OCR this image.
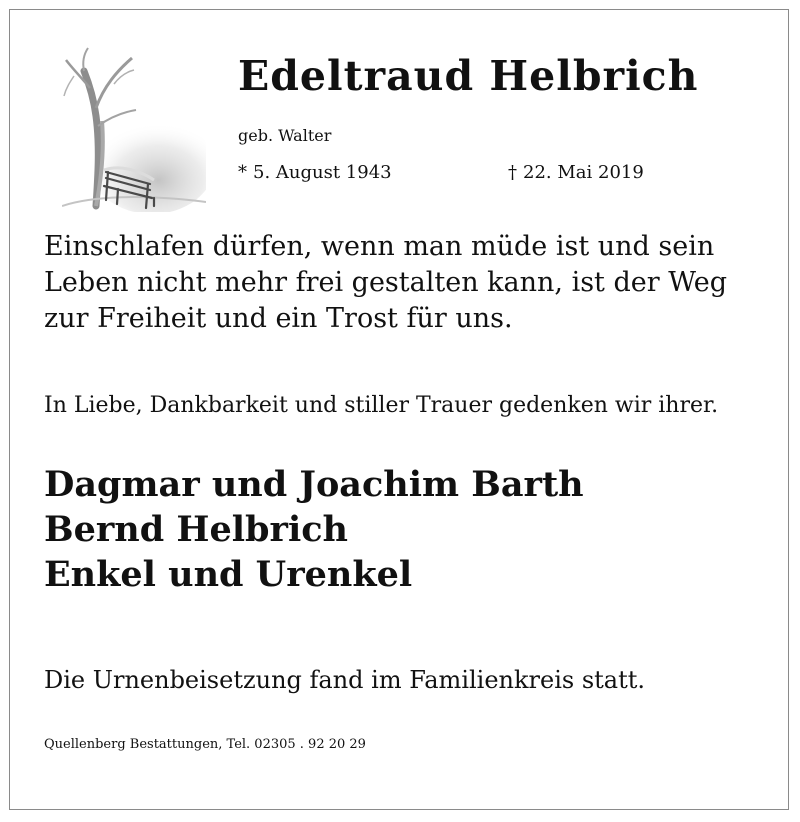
Edeltraud Helbrich
geb. Walter
* 5. August 1943	† 22. Mai 2019

Einschlafen dürfen, wenn man müde ist und sein
Leben nicht mehr frei gestalten kann, ist der Weg
zur Freiheit und ein Trost für uns.

In Liebe, Dankbarkeit und stiller Trauer gedenken wir ihrer.
Dagmar und Joachim Barth
Bernd Helbrich
Enkel und Urenkel
Die Urnenbeisetzung fand im Familienkreis statt.
Quellenberg Bestattungen, Tel. 02305 . 92 20 29
